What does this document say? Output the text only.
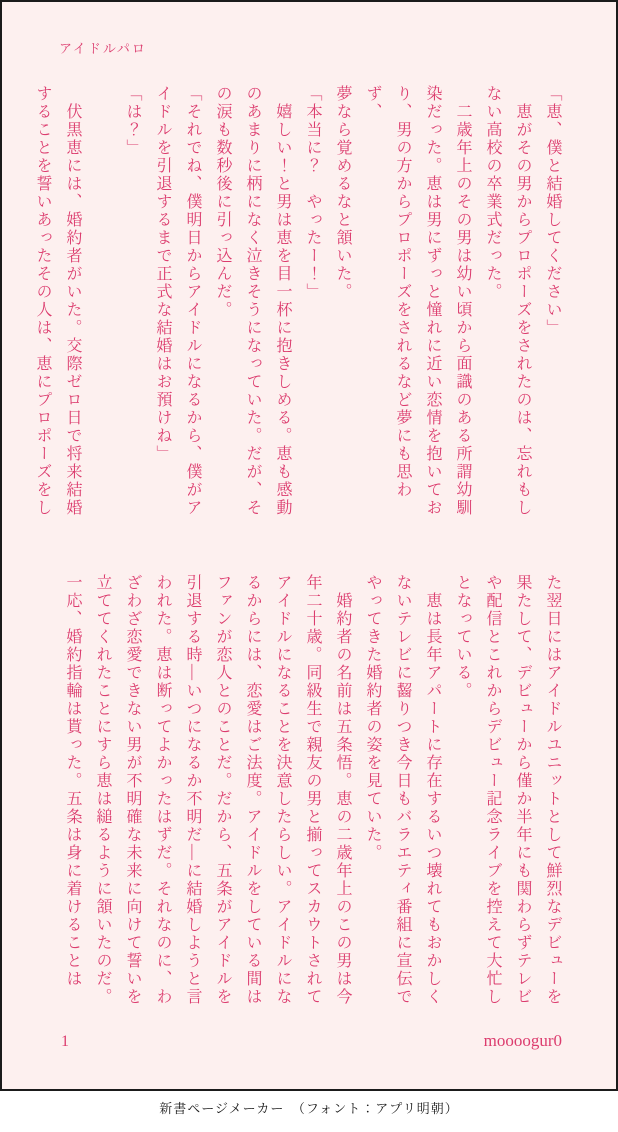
アイドルパロ

「恵、僕と結婚してください」

　恵がその男からプロポーズをされたのは、忘れもし

ない高校の卒業式だった。

　二歳年上のその男は幼い頃から面識のある所謂幼馴

染だった。恵は男にずっと憧れに近い恋情を抱いてお

り、男の方からプロポーズをされるなど夢にも思わず、

夢なら覚めるなと頷いた。

「本当に？　やったー！」

　嬉しい！と男は恵を目一杯に抱きしめる。恵も感動

のあまりに柄になく泣きそうになっていた。だが、そ

の涙も数秒後に引っ込んだ。

「それでね、僕明日からアイドルになるから、僕がア

イドルを引退するまで正式な結婚はお預けね」

「は？」

　伏黒恵には、婚約者がいた。交際ゼロ日で将来結婚

することを誓いあったその人は、恵にプロポーズをし

た翌日にはアイドルユニットとして鮮烈なデビューを

果たして、デビューから僅か半年にも関わらずテレビ

や配信とこれからデビュー記念ライブを控えて大忙し

となっている。

　恵は長年アパートに存在するいつ壊れてもおかしく

ないテレビに齧りつき今日もバラエティ番組に宣伝で

やってきた婚約者の姿を見ていた。

　婚約者の名前は五条悟。恵の二歳年上のこの男は今

年二十歳。同級生で親友の男と揃ってスカウトされて

アイドルになることを決意したらしい。アイドルにな

るからには、恋愛はご法度。アイドルをしている間は

ファンが恋人とのことだ。だから、五条がアイドルを

引退する時―いつになるか不明だ―に結婚しようと言

われた。恵は断ってよかったはずだ。それなのに、わ

ざわざ恋愛できない男が不明確な未来に向けて誓いを

立ててくれたことにすら恵は縋るように頷いたのだ。

一応、婚約指輪は貰った。五条は身に着けることは

1	moooogur0
新書ページメーカー　（フォント：アプリ明朝）
